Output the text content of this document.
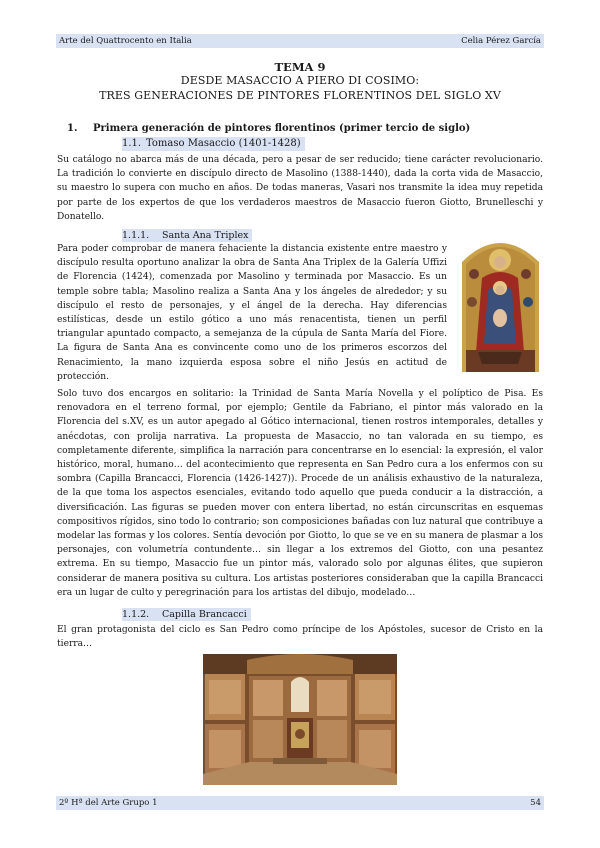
Arte del Quattrocento en Italia	Celia Pérez García
TEMA 9
DESDE MASACCIO A PIERO DI COSIMO:
TRES GENERACIONES DE PINTORES FLORENTINOS DEL SIGLO XV
1. Primera generación de pintores florentinos (primer tercio de siglo)
1.1. Tomaso Masaccio (1401-1428)

Su catálogo no abarca más de una década, pero a pesar de ser reducido; tiene carácter revolucionario. La tradición lo convierte en discípulo directo de Masolino (1388-1440), dada la corta vida de Masaccio, su maestro lo supera con mucho en años. De todas maneras, Vasari nos transmite la idea muy repetida por parte de los expertos de que los verdaderos maestros de Masaccio fueron Giotto, Brunelleschi y Donatello.

1.1.1. Santa Ana Triplex

Para poder comprobar de manera fehaciente la distancia existente entre maestro y discípulo resulta oportuno analizar la obra de Santa Ana Triplex de la Galería Uffizi de Florencia (1424), comenzada por Masolino y terminada por Masaccio. Es un temple sobre tabla; Masolino realiza a Santa Ana y los ángeles de alrededor; y su discípulo el resto de personajes, y el ángel de la derecha. Hay diferencias estilísticas, desde un estilo gótico a uno más renacentista, tienen un perfil triangular apuntado compacto, a semejanza de la cúpula de Santa María del Fiore. La figura de Santa Ana es convincente como uno de los primeros escorzos del Renacimiento, la mano izquierda esposa sobre el niño Jesús en actitud de protección.

Solo tuvo dos encargos en solitario: la Trinidad de Santa María Novella y el políptico de Pisa. Es renovadora en el terreno formal, por ejemplo; Gentile da Fabriano, el pintor más valorado en la Florencia del s.XV, es un autor apegado al Gótico internacional, tienen rostros intemporales, detalles y anécdotas, con prolija narrativa. La propuesta de Masaccio, no tan valorada en su tiempo, es completamente diferente, simplifica la narración para concentrarse en lo esencial: la expresión, el valor histórico, moral, humano… del acontecimiento que representa en San Pedro cura a los enfermos con su sombra (Capilla Brancacci, Florencia (1426-1427)). Procede de un análisis exhaustivo de la naturaleza, de la que toma los aspectos esenciales, evitando todo aquello que pueda conducir a la distracción, a diversificación. Las figuras se pueden mover con entera libertad, no están circunscritas en esquemas compositivos rígidos, sino todo lo contrario; son composiciones bañadas con luz natural que contribuye a modelar las formas y los colores. Sentía devoción por Giotto, lo que se ve en su manera de plasmar a los personajes, con volumetría contundente… sin llegar a los extremos del Giotto, con una pesantez extrema. En su tiempo, Masaccio fue un pintor más, valorado solo por algunas élites, que supieron considerar de manera positiva su cultura. Los artistas posteriores consideraban que la capilla Brancacci era un lugar de culto y peregrinación para los artistas del dibujo, modelado…

1.1.2. Capilla Brancacci

El gran protagonista del ciclo es San Pedro como príncipe de los Apóstoles, sucesor de Cristo en la tierra…

2º Hª del Arte Grupo 1	54
